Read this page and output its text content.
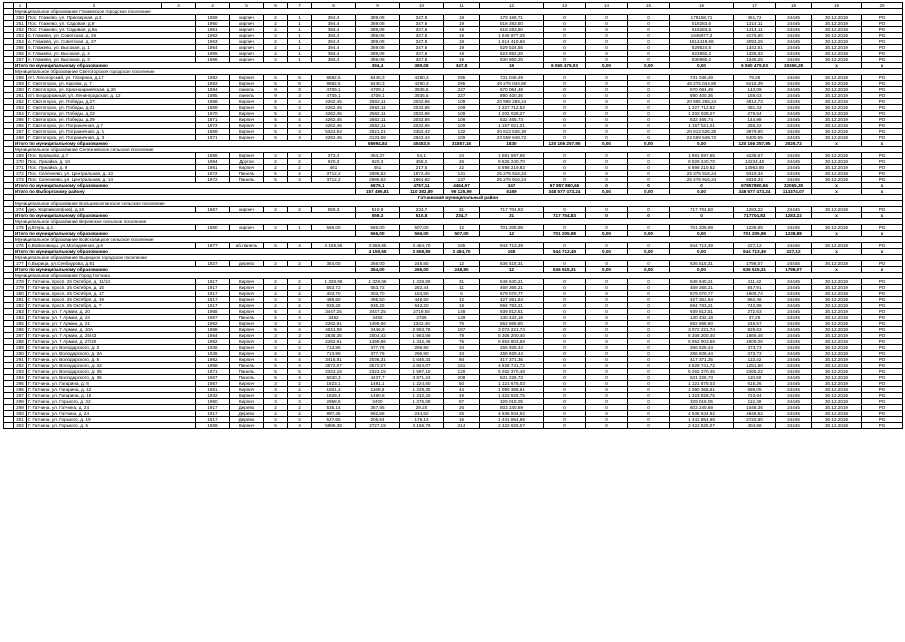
	1	2	3	4	5	6	7	8	9	10	11	12	13	14	15	16	17	18	19	20
	Муниципальное образование Глажевское городское поселение																			
	250	Пос. Глажево, ул. Приозерная, д.3		1959	кирпич	2	1	394,4	389,08	347,8	19	179 158,71	0	0	0	179158,71	451,72	24445	30.12.2019	РО
	251	Пос. Глажево, ул. Садовая, д.9		1960	кирпич	2	1	394,4	389,08	347,8	19	518 283,50	0	0	0	518283,5	1314,11	24445	30.12.2019	РО
	252	Пос. Глажево, ул. Садовая, д.9а		1961	кирпич	2	1	394,4	389,08	347,8	19	518 283,50	0	0	0	518283,5	1314,11	24445	30.12.2019	РО
	253	п. Глажево, ул. Советская, д. 25		1962	кирпич	2	1	394,4	389,08	347,8	19	1 646 977,25	0	0	0	1646977,3	4175,80	24445	30.12.2019	РО
	254	п. Глажево, ул. Советская, д. 27		1963	кирпич	2	1	394,4	389,08	347,8	19	1 614 419,66	0	0	0	1614419,66	4093,25	24445	30.12.2019	РО
	255	п. Глажево, ул. Высокая, д. 1		1964	кирпич	2	1	394,4	389,08	347,8	19	529 524,55	0	0	0	529524,6	1342,61	24445	30.12.2019	РО
	256	п. Глажево, ул. Высокая, д. 2		1965	кирпич	2	1	394,4	389,08	347,8	19	523 892,20	0	0	0	523892,2	1328,33	24445	30.12.2019	РО
	257	п. Глажево, ул. Высокая, д. 3		1966	кирпич	2	1	394,4	389,08	347,8	19	530 960,20	0	0	0	530960,2	1346,25	24445	30.12.2019	РО
	Итого по муниципальному образованию								394,4	389,08	347,8	19	6 060 479,03	0,00	0,00	0,00	6 060 479,03	15366,28	x	x
	Муниципальное образование Светогорское городское поселение																			
	258	пгт. Лесогорский, ул. Гагарина, д.17		1982	Кирпич	5	8	9682,5	6440,3	4290,3	295	731 046,49	0	0	0	731 046,49	79,28	24445	30.12.2019	РО
	259	Г. Светогорск, ул. Кирова, д. 7		1983	Кирпич	5	8	9682,5	6440,3	4290,3	295	48 275 044,90	0	0	0	48 275 044,90	5216,39	24445	30.12.2019	РО
	260	Г. Светогорск, ул. Красноармейская, д.26		1984	панель	9	3	4709,1	4709,1	3935,5	227	670 064,49	0	0	0	670 064,49	142,09	24445	30.12.2019	РО
	261	пгт. Бездорожный, ул. Ленинградская, д. 12		1985	панель	9	3	4709,1	4709,1	3935,5	227	890 400,36	0	0	0	890 400,36	189,03	24445	30.12.2019	РО
	262	Г. Светогорск, ул. Победы, д.27		1968	Кирпич	5	4	4262,45	2562,11	2032,86	109	20 995 289,24	0	0	0	20 995 289,24	4812,73	24445	30.12.2019	РО
	263	Г. Светогорск, ул. Победы, д.21		1969	Кирпич	5	4	4262,45	2562,11	2032,86	109	1 227 712,52	0	0	0	1 227 712,52	281,43	24445	30.12.2019	РО
	264	Г. Светогорск, ул. Победы, д.23		1970	Кирпич	5	4	4262,45	2562,11	2032,86	109	1 202 028,27	0	0	0	1 202 028,27	275,54	24445	30.12.2019	РО
	265	Г. Светогорск, ул. Победы, д.29		1971	Кирпич	5	4	4262,45	2562,11	2032,86	109	632 465,74	0	0	0	632 465,74	144,98	24445	30.12.2019	РО
	266	Г. Светогорск, ул. Пограничная, д.7		1972	Кирпич	5	4	4262,45	2562,11	2032,86	109	1 157 021,01	0	0	0	1 157 021,01	265,22	24445	30.12.2019	РО
	267	Г. Светогорск, ул. Пограничная, д. 1		1969	Кирпич	5	4	5324,94	2621,21	2352,42	132	20 813 536,30	0	0	0	20 813 536,30	3979,80	24445	30.12.2019	РО
	268	Г. Светогорск, ул. Пограничная, д. 3		1971	Кирпич	5	4	4262,45	3133,06	2643,44	109	23 559 648,72	0	0	0	23 559 648,72	5400,55	24445	30.12.2019	РО
	Итого по муниципальному образованию								58994,84	40453,5	31857,16	1830	120 156 257,95	0,00	0,00	0,00	120 156 257,95	2026,72	x	x
	Муниципальное образование Селезневское сельское поселение																			
	269	Пос. Кравцово, д.7		1956	Кирпич	2	2	373,4	364,37	54,1	24	1 581 597,66	0	0	0	1 581 597,66	4235,67	24445	30.12.2019	РО
	270	Пос. Лужайка, д. 10		1964	Другое	2	2	620,3	620,3	455,2	26	8 826 240,70	0	0	0	8 826 240,70	14224,46	24445	30.12.2019	РО
	271	Пос. Лужайка, д. 9		1961	Кирпич	2	2	461	461	217,5	22	6 898 219,82	0	0	0	6 898 219,82	14963,60	24445	30.12.2019	РО
	272	Пос. Селезнево, ул. Центральная, д. 13		1972	Панель	5	4	3712,2	2695,62	1872,45	131	25 275 916,24	0	0	0	25 375 916,24	9319,34	24445	30.12.2019	РО
	273	Пос. Селезнево, ул. Центральная, д. 14		1972	Панель	5	4	3712,2	2695,62	1964,82	137	25 275 916,24	0	0	0	25 275 916,24	9319,34	24445	30.12.2019	РО
	Итого по муниципальному образованию								6879,1	4757,11	4464,97	347	67 857 890,66	0	0	0	67857890,66	32065,35	x	x
	Итого по Выборгскому району								157 496,81	110 382,89	96 125,99	5169	348 577 473,24	0,00	0,00	0,00	348 577 473,24	113374,07	x	x
	Гатчинский муниципальный район																			
	Муниципальное образование Большеколпанское сельское поселение																			
	274	дер. Корпикюля(нов), д.19		1967	кирпич	2	2	559,3	510,8	234,7	31	717 704,83	0	0	0	717 704,83	1283,22	24445	30.12.2019	РО
	Итого по муниципальному образованию								559,3	510,8	234,7	31	717 704,83	0	0	0	717704,83	1283,22	x	x
	Муниципальное образование Веревское сельское поселение																			
	275	д.Егерь, д.1		1960	кирпич	2	1	566,00	566,00	507,00	12	701 205,98	0	0	0	701 205,98	1238,88	24445	30.12.2019	РО
	Итого по муниципальному образованию								566,00	566,00	507,00	12	701 205,98	0,00	0,00	0,00	701 205,98	1238,88	x	x
	Муниципальное образование Войсковицкое сельское поселение																			
	276	п.Войсковицы, ул.Молодежная, д.6		1977	аб.панель	5	4	4 159,55	3 658,85	3 484,70	165	944 713,49	0	0	0	944 713,49	227,12	24445	30.12.2019	РО
	Итого по муниципальному образованию								4 159,55	3 658,85	3 484,70	165	944 713,49	0,00	0,00	0,00	944 713,49	227,12	x	x
	Муниципальное образование Вырицкое городское поселение																			
	277	п.Вырица, ул.Сенбаурова, д.91		1927	дерево	2	2	354,00	266,00	248,80	12	636 515,31	0	0	0	636 515,31	1798,07	24445	30.12.2019	РО
	Итого по муниципальному образованию								354,00	266,00	248,80	12	636 515,31	0,00	0,00	0,00	636 515,31	1798,07	x	x
	Муниципальное образование Город Гатчина																			
	278	Г. Гатчина, просп. 25 Октября, д. 11/13		1917	Кирпич	2	2	1 328,66	1 328,66	1 229,90	31	546 640,21	0	0	0	546 640,21	411,42	24445	30.12.2019	РО
	279	Г. Гатчина, просп. 25 Октября, д. 15		1917	Кирпич	2	2	553,72	553,72	262,44	11	469 365,21	0	0	0	469 365,21	847,91	24445	30.12.2019	РО
	280	Г. Гатчина, просп. 25 Октября, д. 17		1917	Кирпич	2	2	303,70	303,70	154,80	5	579 070,77	0	0	0	579 070,77	1906,74	24445	30.12.2019	РО
	281	Г. Гатчина, просп. 25 Октября, д. 19		1917	Кирпич	2	2	495,50	495,50	448,50	12	427 351,64	0	0	0	427 351,64	862,46	24445	30.12.2019	РО
	282	Г. Гатчина, просп. 25 Октября, д. 7		1917	Кирпич	2	2	935,25	935,25	643,20	19	694 783,21	0	0	0	694 783,21	742,89	24445	30.12.2019	РО
	283	Г. Гатчина, ул. 7 Армии, д. 20		1968	Кирпич	5	4	3447,25	3447,25	2719,55	148	939 812,51	0	0	0	939 812,51	272,63	24445	30.12.2019	РО
	284	Г. Гатчина, ул. 7 Армии, д. 24		1967	Панель	5	4	3492	3492	2765	149	130 432,18	0	0	0	130 432,18	37,26	24445	30.12.2019	РО
	285	Г. Гатчина, ул. 7 Армии, д. 21		1962	Кирпич	3	2	2282,91	1499,66	1342,48	76	562 668,80	0	0	0	562 668,80	246,57	24445	30.12.2019	РО
	286	Г. Гатчина, ул. 7 Армии, д. 10А		1968	Кирпич	5	4	4041,98	3446,8	2 903,78	167	3 072 221,74	0	0	0	3 072 221,74	829,63	24445	30.12.2019	РО
	287	Г. Гатчина, ул. 7 Армии, д. 25/43		1964	Кирпич	3	3	2838,35	2004,42	1 963,86	79	5 306 200,40	0	0	0	5 306 200,40	1869,48	24445	30.12.2019	РО
	288	Г. Гатчина, ул. 7 Армии, д. 27/20		1962	Кирпич	3	2	2282,91	1499,66	1 342,48	76	5 953 903,58	0	0	0	5 953 903,58	2609,06	24445	30.12.2019	РО
	289	Г. Гатчина, ул. Володарского, д. 3		1936	Кирпич	2	2	713,96	377,76	296,90	34	266 828,44	0	0	0	266 828,44	373,73	24445	30.12.2019	РО
	290	Г. Гатчина, ул. Володарского, д. 3А		1936	Кирпич	2	2	713,96	377,76	296,90	34	266 828,44	0	0	0	266 828,44	373,73	24445	30.12.2019	РО
	291	Г. Гатчина, ул. Володарского, д. 5		1962	Кирпич	4	4	3416,91	2036,31	1 646,33	94	417 371,35	0	0	0	417 371,35	113,42	24445	30.12.2019	РО
	292	Г. Гатчина, ул. Володарского, д. 33		1968	Панель	5	4	3572,07	3572,07	2 844,07	161	4 828 741,72	0	0	0	4 828 741,72	1251,80	24445	30.12.2019	РО
	293	Г. Гатчина, ул. Володарского, д. 35		1971	Панель	5	5	2323,15	2323,15	1 597,15	120	5 262 370,46	0	0	0	5 262 370,46	2265,22	24445	30.12.2019	РО
	294	Г. Гатчина, ул. Володарского, д. 36		1967	Панель	5	4	5040,3	4437,7	3 871,24	208	631 226,73	0	0	0	631 226,73	110,50	24445	30.12.2019	РО
	295	Г. Гатчина, ул. Гагарина, д. 8		1957	Кирпич	3	2	1823,1	1481,1	1 224,60	50	1 121 675,03	0	0	0	1 121 675,03	615,26	24445	30.12.2019	РО
	296	Г. Гатчина, ул. Гагарина, д. 12		1961	Кирпич	3	2	1801,3	1168,6	1 229,30	44	1 090 368,61	0	0	0	1 090 368,61	586,05	24445	30.12.2019	РО
	297	Г. Гатчина, ул. Гагарина, д. 15		1932	Кирпич	3	2	1829,4	1490,8	1 232,20	49	1 323 828,75	0	0	0	1 323 828,75	723,64	24445	30.12.2019	РО
	298	Г. Гатчина, ул. Горького, д. 22		1960	Кирпич	3	3	2958,6	2400	1 275,08	57	329 018,05	0	0	0	329 018,05	112,49	24445	30.12.2019	РО
	299	Г. Гатчина, ул. Гатчина, д. 24		1917	Дерево	2	2	535,14	357,66	29,20	26	603 240,69	0	0	0	603 240,69	1048,36	24445	30.12.2019	РО
	300	Г. Гатчина, ул. Гатчина, д. 24		1917	Дерево	2	2	997,46	582,66	244,62	25	4 936 944,92	0	0	0	4 936 944,92	4949,52	24445	30.12.2019	РО
	301	Г. Гатчина, ул. Горького, д. 19		1917	Дерево	2	2	527,65	206,54	178,14	16	1 441 854,98	0	0	0	1 441 854,98	2722,60	24445	30.12.2019	РО
	302	Г. Гатчина, ул. Горького, д. 5		1969	Кирпич	5	4	5986,38	2727,19	3 166,78	214	2 422 625,07	0	0	0	2 422 625,07	404,68	24445	30.12.2019	РО
